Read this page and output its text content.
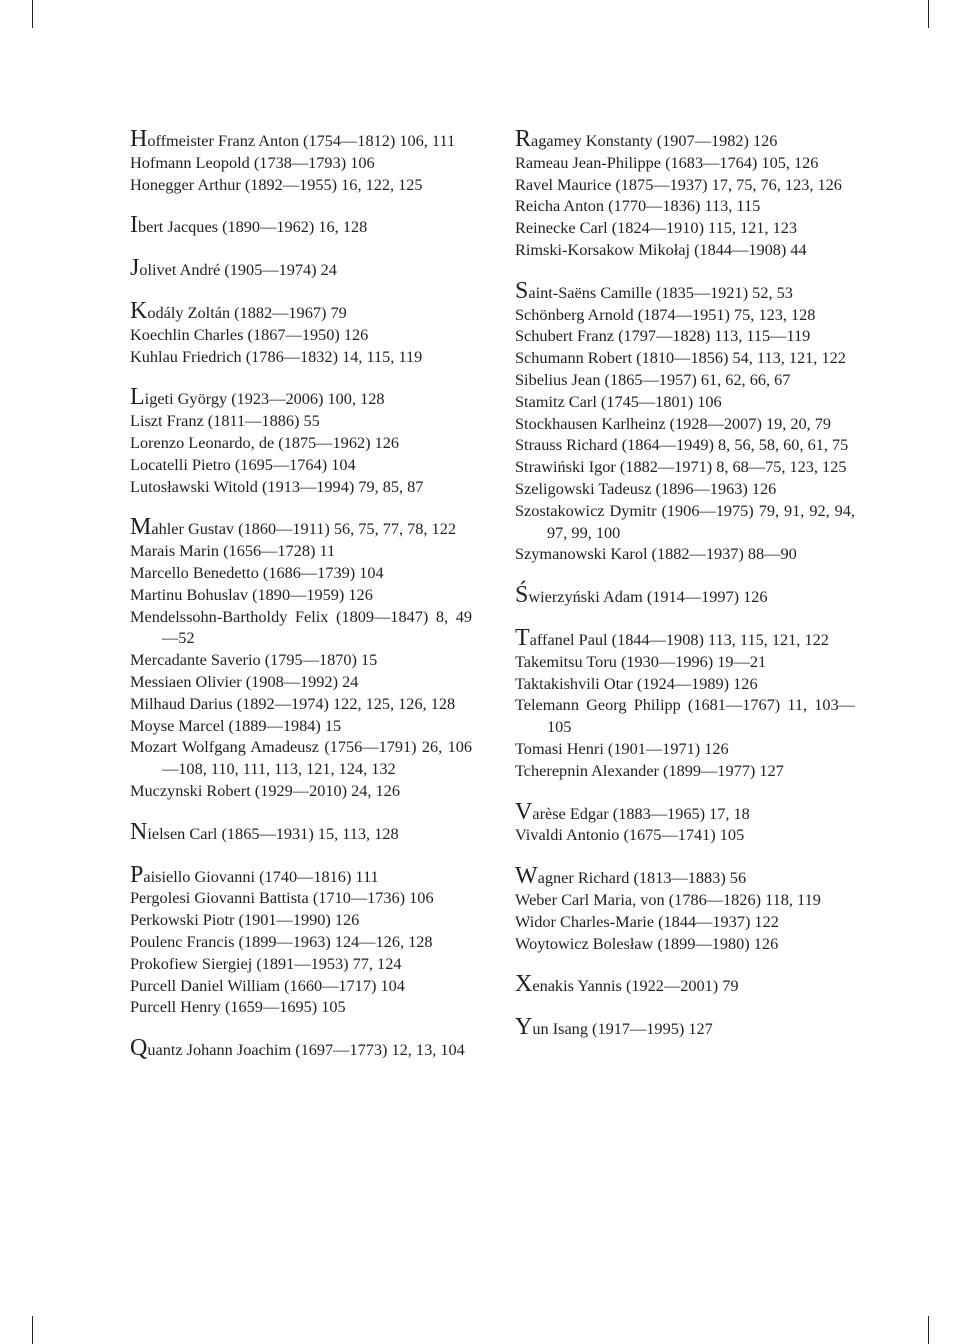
Hoffmeister Franz Anton (1754—1812) 106, 111
Hofmann Leopold (1738—1793) 106
Honegger Arthur (1892—1955) 16, 122, 125
Ibert Jacques (1890—1962) 16, 128
Jolivet André (1905—1974) 24
Kodály Zoltán (1882—1967) 79
Koechlin Charles (1867—1950) 126
Kuhlau Friedrich (1786—1832) 14, 115, 119
Ligeti György (1923—2006) 100, 128
Liszt Franz (1811—1886) 55
Lorenzo Leonardo, de (1875—1962) 126
Locatelli Pietro (1695—1764) 104
Lutosławski Witold (1913—1994) 79, 85, 87
Mahler Gustav (1860—1911) 56, 75, 77, 78, 122
Marais Marin (1656—1728) 11
Marcello Benedetto (1686—1739) 104
Martinu Bohuslav (1890—1959) 126
Mendelssohn-Bartholdy Felix (1809—1847) 8, 49—52
Mercadante Saverio (1795—1870) 15
Messiaen Olivier (1908—1992) 24
Milhaud Darius (1892—1974) 122, 125, 126, 128
Moyse Marcel (1889—1984) 15
Mozart Wolfgang Amadeusz (1756—1791) 26, 106—108, 110, 111, 113, 121, 124, 132
Muczynski Robert (1929—2010) 24, 126
Nielsen Carl (1865—1931) 15, 113, 128
Paisiello Giovanni (1740—1816) 111
Pergolesi Giovanni Battista (1710—1736) 106
Perkowski Piotr (1901—1990) 126
Poulenc Francis (1899—1963) 124—126, 128
Prokofiew Siergiej (1891—1953) 77, 124
Purcell Daniel William (1660—1717) 104
Purcell Henry (1659—1695) 105
Quantz Johann Joachim (1697—1773) 12, 13, 104
Ragamey Konstanty (1907—1982) 126
Rameau Jean-Philippe (1683—1764) 105, 126
Ravel Maurice (1875—1937) 17, 75, 76, 123, 126
Reicha Anton (1770—1836) 113, 115
Reinecke Carl (1824—1910) 115, 121, 123
Rimski-Korsakow Mikołaj (1844—1908) 44
Saint-Saëns Camille (1835—1921) 52, 53
Schönberg Arnold (1874—1951) 75, 123, 128
Schubert Franz (1797—1828) 113, 115—119
Schumann Robert (1810—1856) 54, 113, 121, 122
Sibelius Jean (1865—1957) 61, 62, 66, 67
Stamitz Carl (1745—1801) 106
Stockhausen Karlheinz (1928—2007) 19, 20, 79
Strauss Richard (1864—1949) 8, 56, 58, 60, 61, 75
Strawiński Igor (1882—1971) 8, 68—75, 123, 125
Szeligowski Tadeusz (1896—1963) 126
Szostakowicz Dymitr (1906—1975) 79, 91, 92, 94, 97, 99, 100
Szymanowski Karol (1882—1937) 88—90
Świerzyński Adam (1914—1997) 126
Taffanel Paul (1844—1908) 113, 115, 121, 122
Takemitsu Toru (1930—1996) 19—21
Taktakishvili Otar (1924—1989) 126
Telemann Georg Philipp (1681—1767) 11, 103—105
Tomasi Henri (1901—1971) 126
Tcherepnin Alexander (1899—1977) 127
Varèse Edgar (1883—1965) 17, 18
Vivaldi Antonio (1675—1741) 105
Wagner Richard (1813—1883) 56
Weber Carl Maria, von (1786—1826) 118, 119
Widor Charles-Marie (1844—1937) 122
Woytowicz Bolesław (1899—1980) 126
Xenakis Yannis (1922—2001) 79
Yun Isang (1917—1995) 127
